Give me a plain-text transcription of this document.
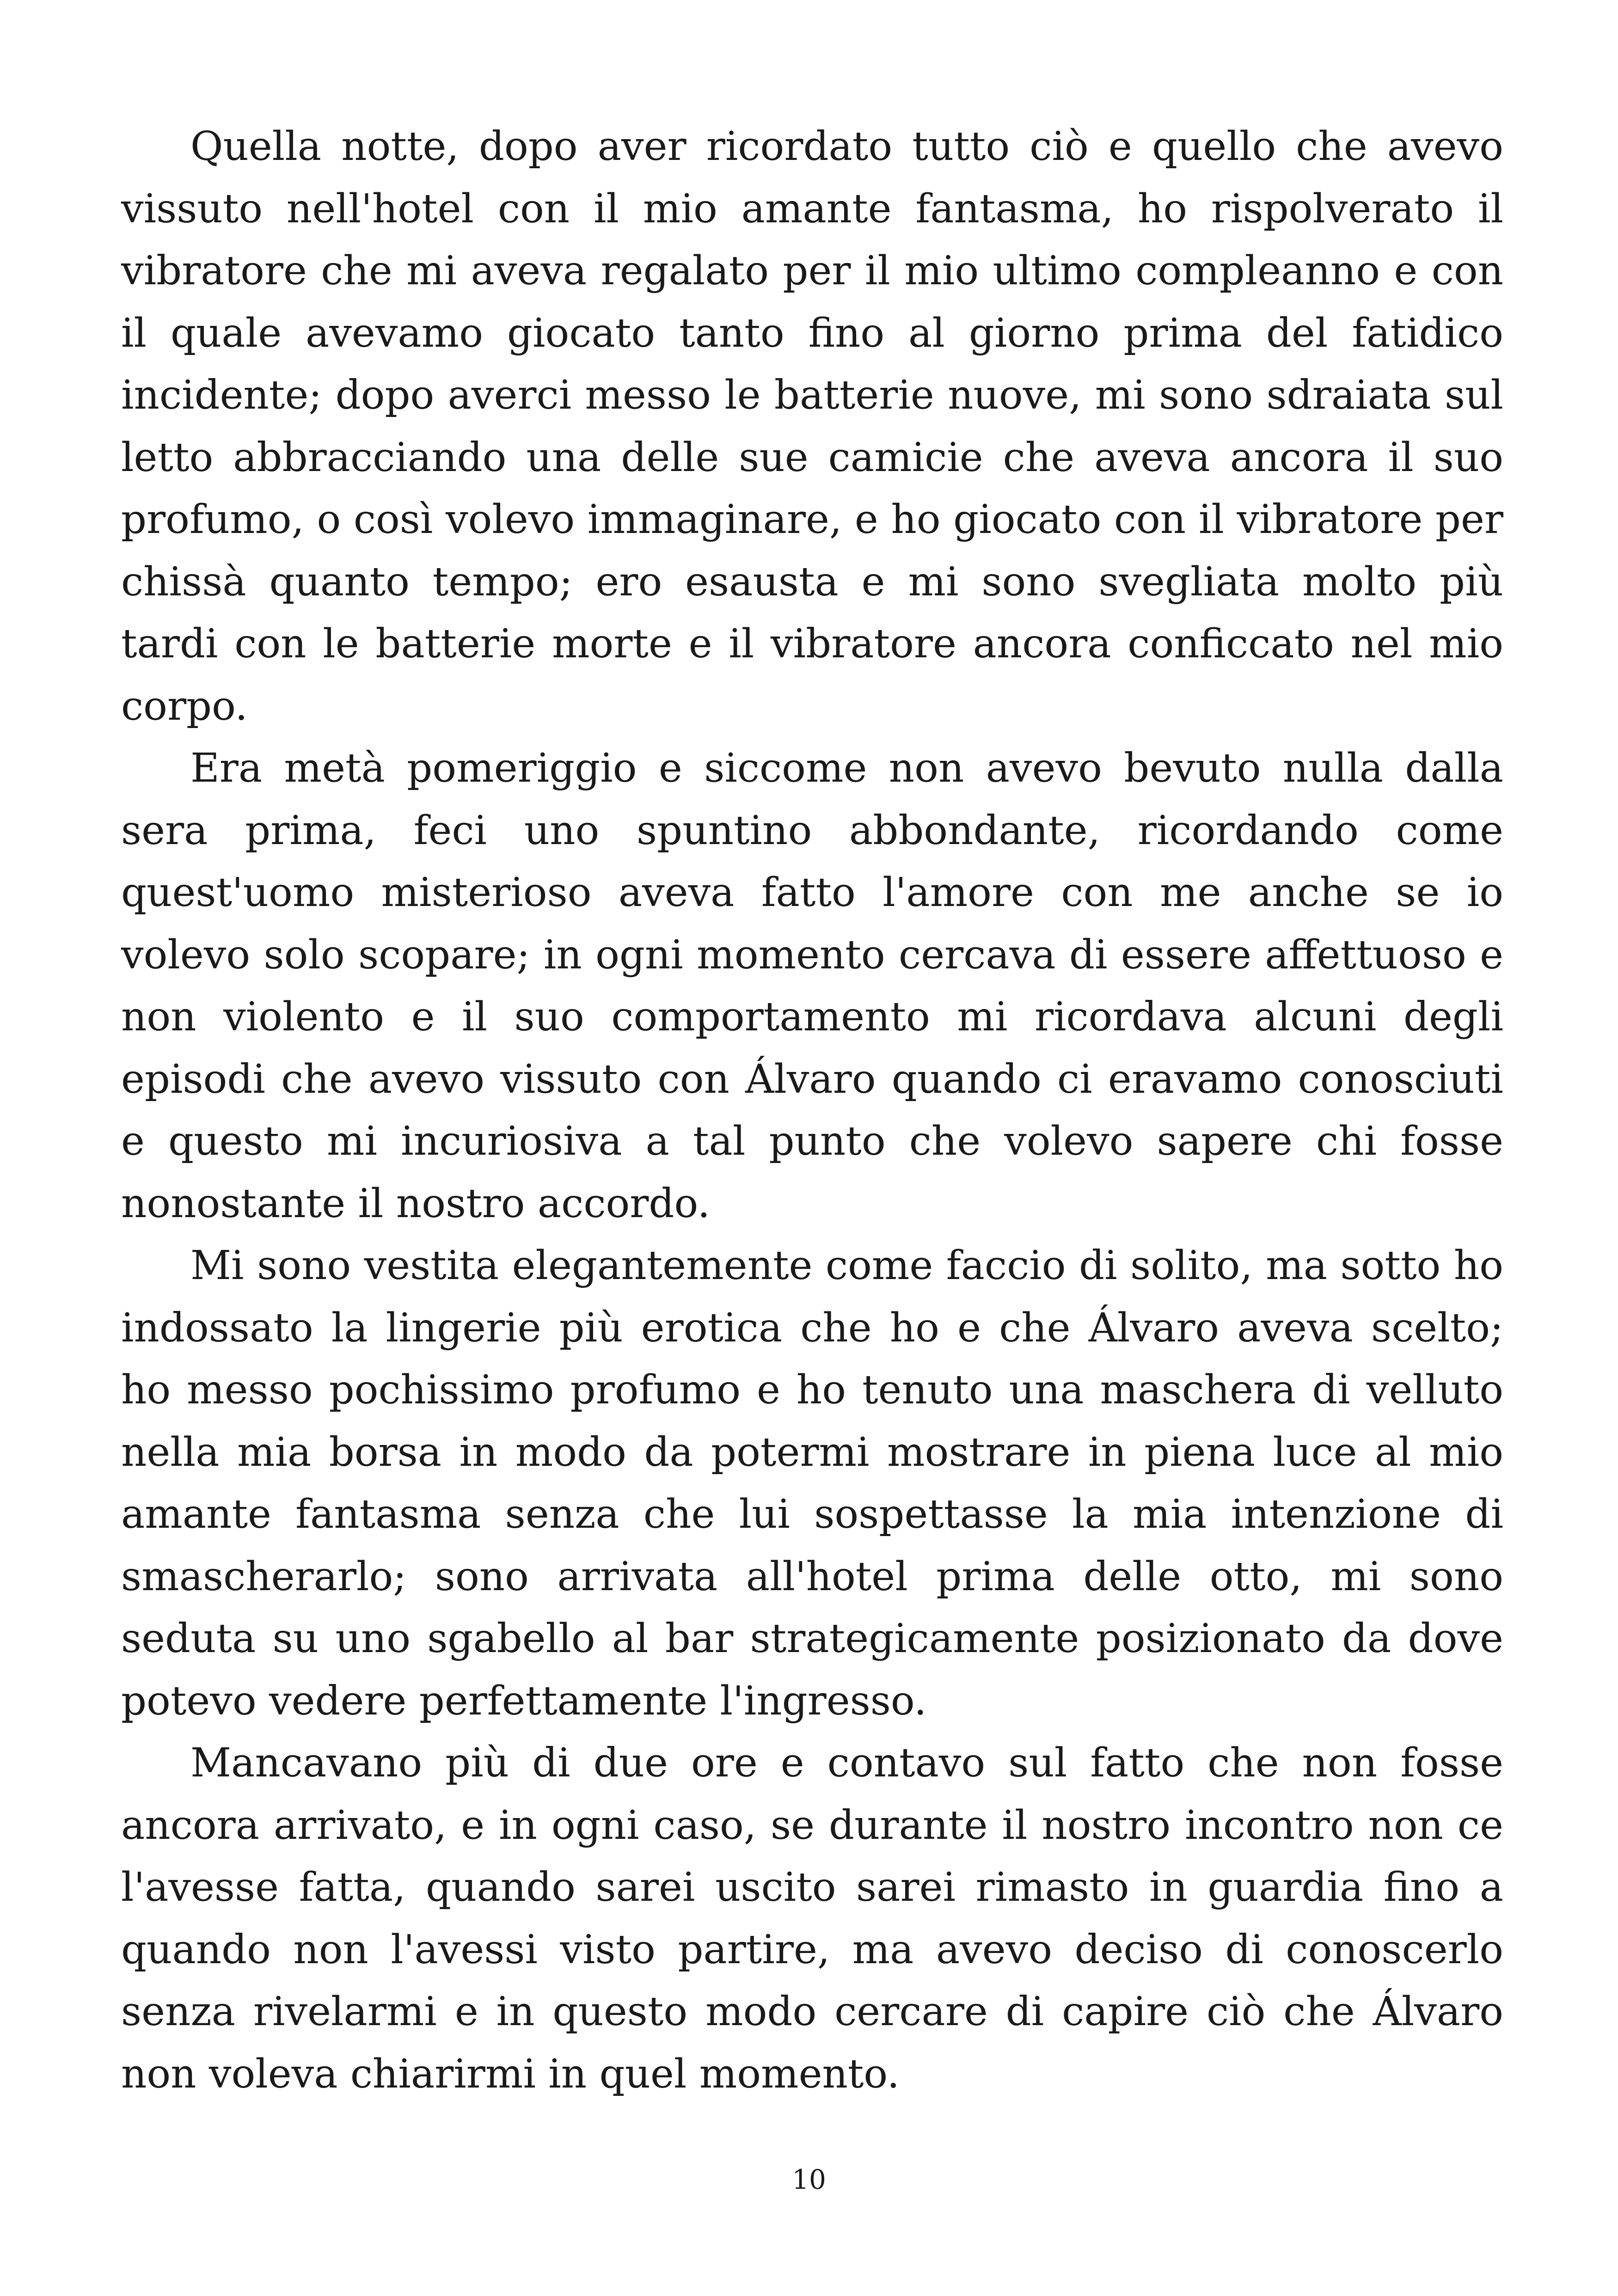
Quella notte, dopo aver ricordato tutto ciò e quello che avevo vissuto nell'hotel con il mio amante fantasma, ho rispolverato il vibratore che mi aveva regalato per il mio ultimo compleanno e con il quale avevamo giocato tanto fino al giorno prima del fatidico incidente; dopo averci messo le batterie nuove, mi sono sdraiata sul letto abbracciando una delle sue camicie che aveva ancora il suo profumo, o così volevo immaginare, e ho giocato con il vibratore per chissà quanto tempo; ero esausta e mi sono svegliata molto più tardi con le batterie morte e il vibratore ancora conficcato nel mio corpo.

Era metà pomeriggio e siccome non avevo bevuto nulla dalla sera prima, feci uno spuntino abbondante, ricordando come quest'uomo misterioso aveva fatto l'amore con me anche se io volevo solo scopare; in ogni momento cercava di essere affettuoso e non violento e il suo comportamento mi ricordava alcuni degli episodi che avevo vissuto con Álvaro quando ci eravamo conosciuti e questo mi incuriosiva a tal punto che volevo sapere chi fosse nonostante il nostro accordo.

Mi sono vestita elegantemente come faccio di solito, ma sotto ho indossato la lingerie più erotica che ho e che Álvaro aveva scelto; ho messo pochissimo profumo e ho tenuto una maschera di velluto nella mia borsa in modo da potermi mostrare in piena luce al mio amante fantasma senza che lui sospettasse la mia intenzione di smascherarlo; sono arrivata all'hotel prima delle otto, mi sono seduta su uno sgabello al bar strategicamente posizionato da dove potevo vedere perfettamente l'ingresso.

Mancavano più di due ore e contavo sul fatto che non fosse ancora arrivato, e in ogni caso, se durante il nostro incontro non ce l'avesse fatta, quando sarei uscito sarei rimasto in guardia fino a quando non l'avessi visto partire, ma avevo deciso di conoscerlo senza rivelarmi e in questo modo cercare di capire ciò che Álvaro non voleva chiarirmi in quel momento.

10
